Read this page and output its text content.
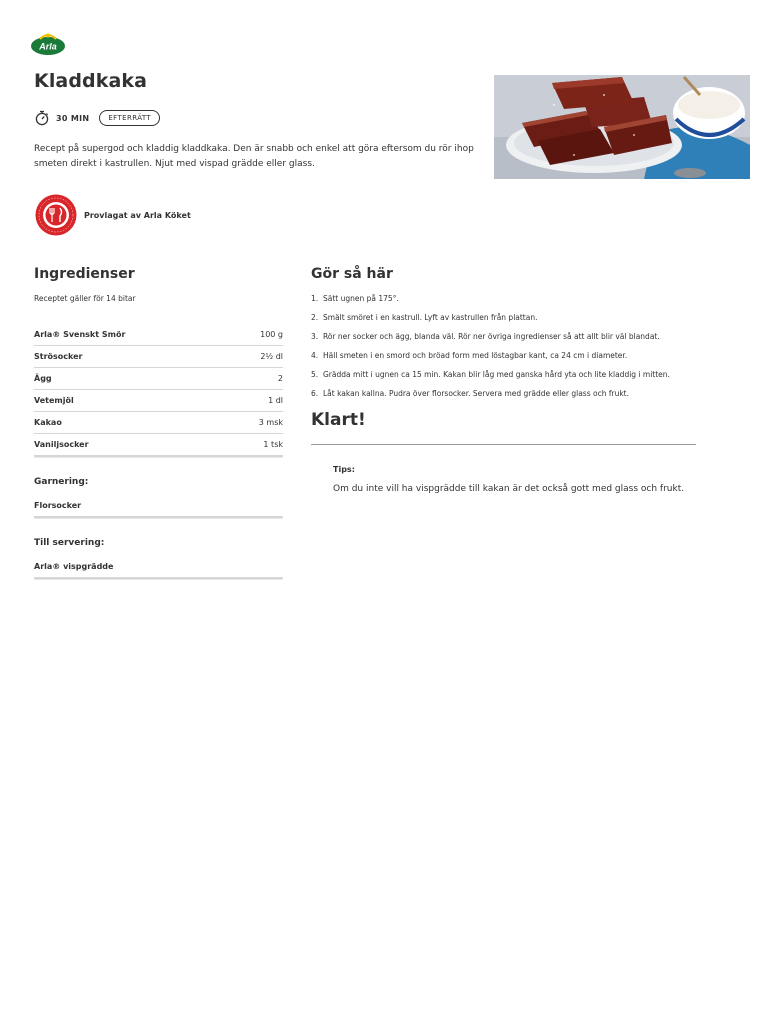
Arla
Kladdkaka
30 MIN	EFTERRÄTT

Recept på supergod och kladdig kladdkaka. Den är snabb och enkel att göra eftersom du rör ihop smeten direkt i kastrullen. Njut med vispad grädde eller glass.

Provlagat av Arla Köket
Ingredienser
Receptet gäller för 14 bitar
Arla® Svenskt Smör	100 g
Strösocker	2½ dl
Ägg	2
Vetemjöl	1 dl
Kakao	3 msk
Vaniljsocker	1 tsk
Garnering:
Florsocker
Till servering:
Arla® vispgrädde
Gör så här
1. Sätt ugnen på 175°.
2. Smält smöret i en kastrull. Lyft av kastrullen från plattan.
3. Rör ner socker och ägg, blanda väl. Rör ner övriga ingredienser så att allt blir väl blandat.
4. Häll smeten i en smord och bröad form med löstagbar kant, ca 24 cm i diameter.
5. Grädda mitt i ugnen ca 15 min. Kakan blir låg med ganska hård yta och lite kladdig i mitten.
6. Låt kakan kallna. Pudra över florsocker. Servera med grädde eller glass och frukt.
Klart!
Tips:
Om du inte vill ha vispgrädde till kakan är det också gott med glass och frukt.
